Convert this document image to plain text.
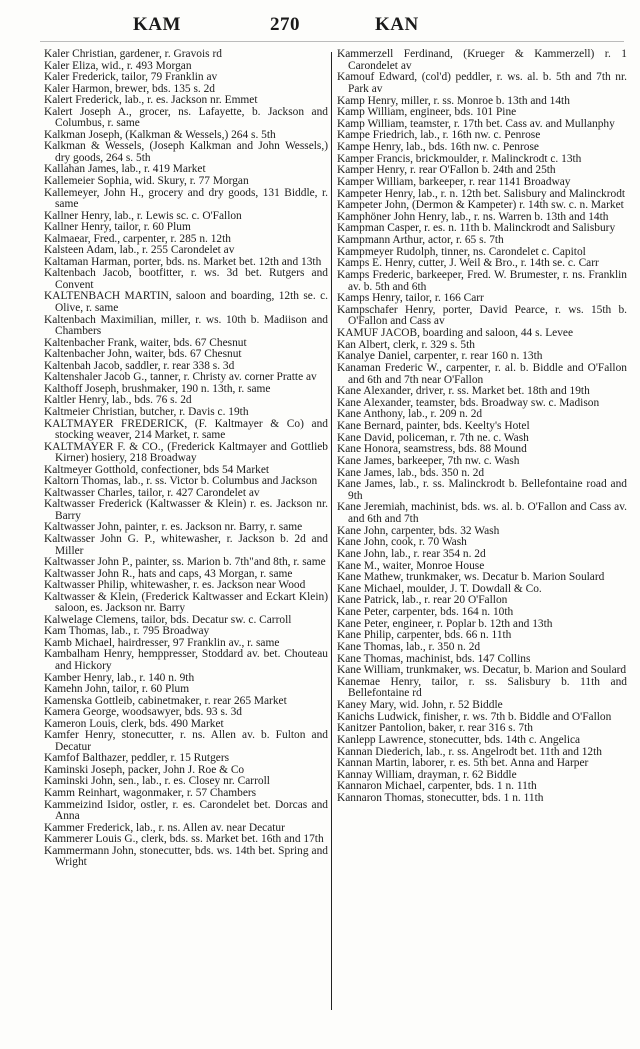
KAM	270	KAN
Kaler Christian, gardener, r. Gravois rd
Kaler Eliza, wid., r. 493 Morgan
Kaler Frederick, tailor, 79 Franklin av
Kaler Harmon, brewer, bds. 135 s. 2d
Kalert Frederick, lab., r. es. Jackson nr. Emmet
Kalert Joseph A., grocer, ns. Lafayette, b. Jackson and Columbus, r. same
Kalkman Joseph, (Kalkman & Wessels,) 264 s. 5th
Kalkman & Wessels, (Joseph Kalkman and John Wessels,) dry goods, 264 s. 5th
Kallahan James, lab., r. 419 Market
Kallemeier Sophia, wid. Skury, r. 77 Morgan
Kallemeyer, John H., grocery and dry goods, 131 Biddle, r. same
Kallner Henry, lab., r. Lewis sc. c. O'Fallon
Kallner Henry, tailor, r. 60 Plum
Kalmaear, Fred., carpenter, r. 285 n. 12th
Kalsteen Adam, lab., r. 255 Carondelet av
Kaltaman Harman, porter, bds. ns. Market bet. 12th and 13th
Kaltenbach Jacob, bootfitter, r. ws. 3d bet. Rutgers and Convent
KALTENBACH MARTIN, saloon and boarding, 12th se. c. Olive, r. same
Kaltenbach Maximilian, miller, r. ws. 10th b. Madiison and Chambers
Kaltenbacher Frank, waiter, bds. 67 Chesnut
Kaltenbacher John, waiter, bds. 67 Chesnut
Kaltenbah Jacob, saddler, r. rear 338 s. 3d
Kaltenshaler Jacob G., tanner, r. Christy av. corner Pratte av
Kalthoff Joseph, brushmaker, 190 n. 13th, r. same
Kaltler Henry, lab., bds. 76 s. 2d
Kaltmeier Christian, butcher, r. Davis c. 19th
KALTMAYER FREDERICK, (F. Kaltmayer & Co) and stocking weaver, 214 Market, r. same
KALTMAYER F. & CO., (Frederick Kaltmayer and Gottlieb Kirner) hosiery, 218 Broadway
Kaltmeyer Gotthold, confectioner, bds 54 Market
Kaltorn Thomas, lab., r. ss. Victor b. Columbus and Jackson
Kaltwasser Charles, tailor, r. 427 Carondelet av
Kaltwasser Frederick (Kaltwasser & Klein) r. es. Jackson nr. Barry
Kaltwasser John, painter, r. es. Jackson nr. Barry, r. same
Kaltwasser John G. P., whitewasher, r. Jackson b. 2d and Miller
Kaltwasser John P., painter, ss. Marion b. 7th"and 8th, r. same
Kaltwasser John R., hats and caps, 43 Morgan, r. same
Kaltwasser Philip, whitewasher, r. es. Jackson near Wood
Kaltwasser & Klein, (Frederick Kaltwasser and Eckart Klein) saloon, es. Jackson nr. Barry
Kalwelage Clemens, tailor, bds. Decatur sw. c. Carroll
Kam Thomas, lab., r. 795 Broadway
Kamb Michael, hairdresser, 97 Franklin av., r. same
Kambalham Henry, hemppresser, Stoddard av. bet. Chouteau and Hickory
Kamber Henry, lab., r. 140 n. 9th
Kamehn John, tailor, r. 60 Plum
Kamenska Gottleib, cabinetmaker, r. rear 265 Market
Kamera George, woodsawyer, bds. 93 s. 3d
Kameron Louis, clerk, bds. 490 Market
Kamfer Henry, stonecutter, r. ns. Allen av. b. Fulton and Decatur
Kamfof Balthazer, peddler, r. 15 Rutgers
Kaminski Joseph, packer, John J. Roe & Co
Kaminski John, sen., lab., r. es. Closey nr. Carroll
Kamm Reinhart, wagonmaker, r. 57 Chambers
Kammeizind Isidor, ostler, r. es. Carondelet bet. Dorcas and Anna
Kammer Frederick, lab., r. ns. Allen av. near Decatur
Kammerer Louis G., clerk, bds. ss. Market bet. 16th and 17th
Kammermann John, stonecutter, bds. ws. 14th bet. Spring and Wright
Kammerzell Ferdinand, (Krueger & Kammerzell) r. 1 Carondelet av
Kamouf Edward, (col'd) peddler, r. ws. al. b. 5th and 7th nr. Park av
Kamp Henry, miller, r. ss. Monroe b. 13th and 14th
Kamp William, engineer, bds. 101 Pine
Kamp William, teamster, r. 17th bet. Cass av. and Mullanphy
Kampe Friedrich, lab., r. 16th nw. c. Penrose
Kampe Henry, lab., bds. 16th nw. c. Penrose
Kamper Francis, brickmoulder, r. Malinckrodt c. 13th
Kamper Henry, r. rear O'Fallon b. 24th and 25th
Kamper William, barkeeper, r. rear 1141 Broadway
Kampeter Henry, lab., r. n. 12th bet. Salisbury and Malinckrodt
Kampeter John, (Dermon & Kampeter) r. 14th sw. c. n. Market
Kamphöner John Henry, lab., r. ns. Warren b. 13th and 14th
Kampman Casper, r. es. n. 11th b. Malinckrodt and Salisbury
Kampmann Arthur, actor, r. 65 s. 7th
Kampmeyer Rudolph, tinner, ns. Carondelet c. Capitol
Kamps E. Henry, cutter, J. Weil & Bro., r. 14th se. c. Carr
Kamps Frederic, barkeeper, Fred. W. Brumester, r. ns. Franklin av. b. 5th and 6th
Kamps Henry, tailor, r. 166 Carr
Kampschafer Henry, porter, David Pearce, r. ws. 15th b. O'Fallon and Cass av
KAMUF JACOB, boarding and saloon, 44 s. Levee
Kan Albert, clerk, r. 329 s. 5th
Kanalye Daniel, carpenter, r. rear 160 n. 13th
Kanaman Frederic W., carpenter, r. al. b. Biddle and O'Fallon and 6th and 7th near O'Fallon
Kane Alexander, driver, r. ss. Market bet. 18th and 19th
Kane Alexander, teamster, bds. Broadway sw. c. Madison
Kane Anthony, lab., r. 209 n. 2d
Kane Bernard, painter, bds. Keelty's Hotel
Kane David, policeman, r. 7th ne. c. Wash
Kane Honora, seamstress, bds. 88 Mound
Kane James, barkeeper, 7th nw. c. Wash
Kane James, lab., bds. 350 n. 2d
Kane James, lab., r. ss. Malinckrodt b. Bellefontaine road and 9th
Kane Jeremiah, machinist, bds. ws. al. b. O'Fallon and Cass av. and 6th and 7th
Kane John, carpenter, bds. 32 Wash
Kane John, cook, r. 70 Wash
Kane John, lab., r. rear 354 n. 2d
Kane M., waiter, Monroe House
Kane Mathew, trunkmaker, ws. Decatur b. Marion Soulard
Kane Michael, moulder, J. T. Dowdall & Co.
Kane Patrick, lab., r. rear 20 O'Fallon
Kane Peter, carpenter, bds. 164 n. 10th
Kane Peter, engineer, r. Poplar b. 12th and 13th
Kane Philip, carpenter, bds. 66 n. 11th
Kane Thomas, lab., r. 350 n. 2d
Kane Thomas, machinist, bds. 147 Collins
Kane William, trunkmaker, ws. Decatur, b. Marion and Soulard
Kanemae Henry, tailor, r. ss. Salisbury b. 11th and Bellefontaine rd
Kaney Mary, wid. John, r. 52 Biddle
Kanichs Ludwick, finisher, r. ws. 7th b. Biddle and O'Fallon
Kanitzer Pantolion, baker, r. rear 316 s. 7th
Kanlepp Lawrence, stonecutter, bds. 14th c. Angelica
Kannan Diederich, lab., r. ss. Angelrodt bet. 11th and 12th
Kannan Martin, laborer, r. es. 5th bet. Anna and Harper
Kannay William, drayman, r. 62 Biddle
Kannaron Michael, carpenter, bds. 1 n. 11th
Kannaron Thomas, stonecutter, bds. 1 n. 11th
